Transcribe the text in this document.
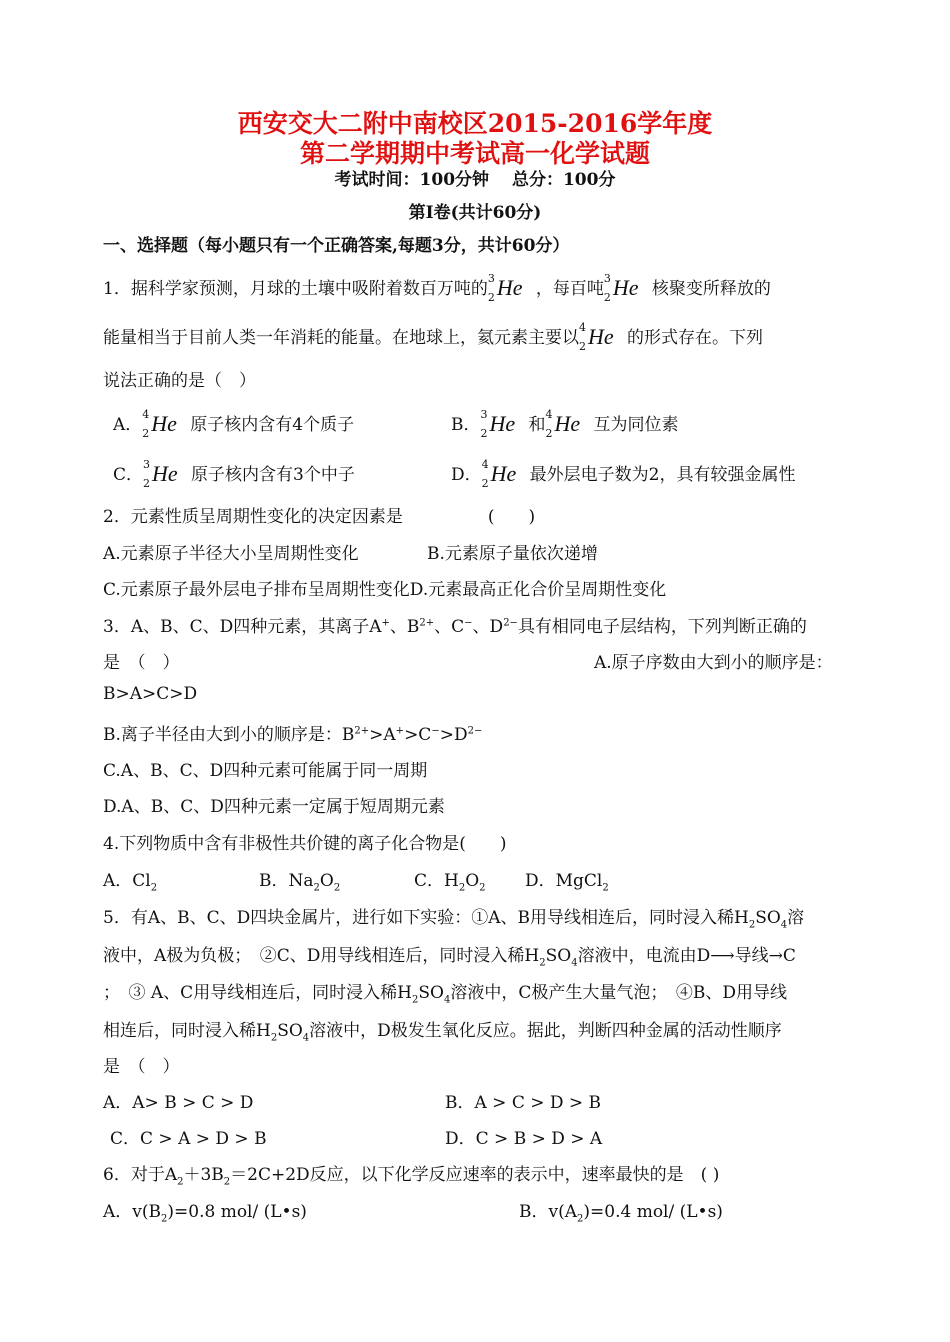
西安交大二附中南校区2015-2016学年度
第二学期期中考试高一化学试题
考试时间：100分钟　 总分：100分
第I卷(共计60分)
一、选择题（每小题只有一个正确答案,每题3分，共计60分）
1．据科学家预测，月球的土壤中吸附着数百万吨的
3 He
2 ，每百吨
3 He
2 核聚变所释放的
能量相当于目前人类一年消耗的能量。在地球上，氦元素主要以
4 He
2 的形式存在。下列
说法正确的是（　）
A．
4 He
2 原子核内含有4个质子	B．
3 He
2 和
4 He
2 互为同位素
C．
3 He
2 原子核内含有3个中子	D．
4 He
2 最外层电子数为2，具有较强金属性
2．元素性质呈周期性变化的决定因素是　　　　　(　　)
A.元素原子半径大小呈周期性变化	B.元素原子量依次递增
C.元素原子最外层电子排布呈周期性变化D.元素最高正化合价呈周期性变化
3．A、B、C、D四种元素，其离子A+、$B^{2+}$、C−、$D^{2-}$具有相同电子层结构，下列判断正确的
是　（　）	A.原子序数由大到小的顺序是：
B>A>C>D
B.离子半径由大到小的顺序是：$B^{2+}>A^+>C^->D^{2-}$
C.A、B、C、D四种元素可能属于同一周期
D.A、B、C、D四种元素一定属于短周期元素
4.下列物质中含有非极性共价键的离子化合物是(　　)
A．$Cl_2$	B．$Na_2O_2$	C．$H_2O_2$ D．MgCl$_2$
5．有A、B、C、D四块金属片，进行如下实验：①A、B用导线相连后，同时浸入稀$H_2SO_4$溶
液中，A极为负极；　②C、D用导线相连后，同时浸入稀$H_2SO_4$溶液中，电流由D⟶导线→C
；　③ A、C用导线相连后，同时浸入稀$H_2SO_4$溶液中，C极产生大量气泡；　④B、D用导线
相连后，同时浸入稀$H_2SO_4$溶液中，D极发生氧化反应。据此，判断四种金属的活动性顺序
是　（　）
A．A> B > C > D	B．A > C > D > B
C．C > A > D > B	D．C > B > D > A
6．对于$A_2+3B_2=2C+2D$反应，以下化学反应速率的表示中，速率最快的是　( )
A．$v(B_2)=0.8$ mol/ (L•s)	B．$v(A_2)=0.4$ mol/ (L•s)
